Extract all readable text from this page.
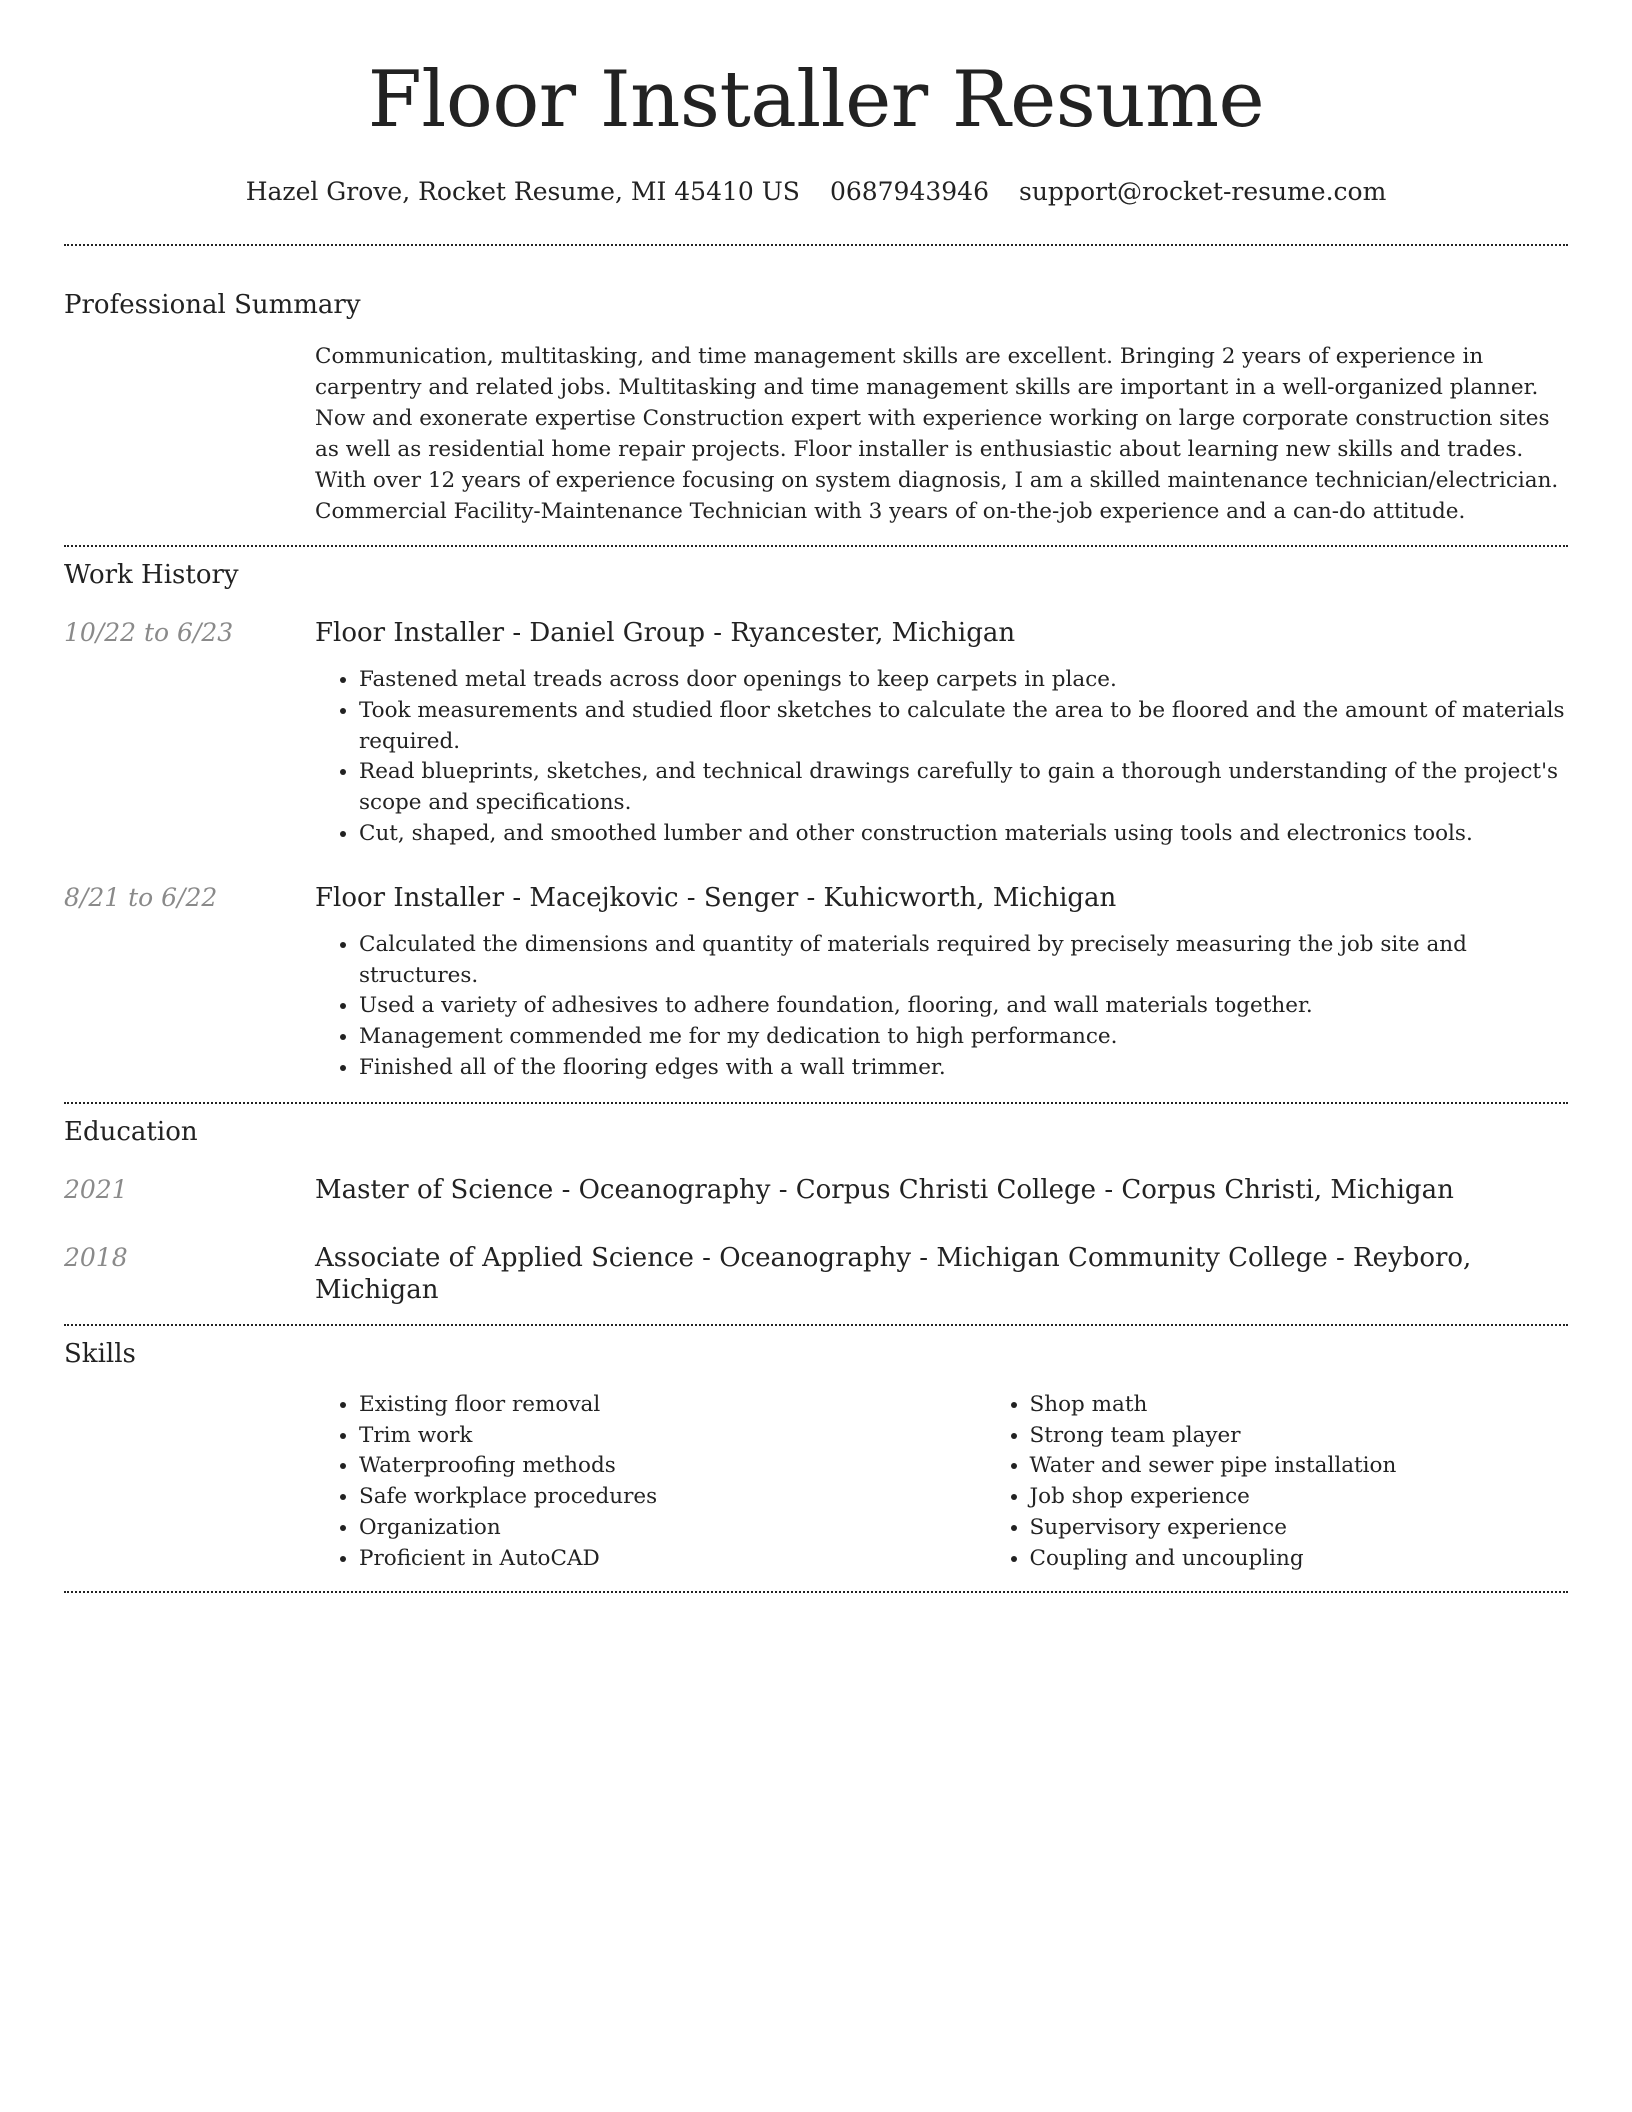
Floor Installer Resume
Hazel Grove, Rocket Resume, MI 45410 US 0687943946 support@rocket-resume.com
Professional Summary
Communication, multitasking, and time management skills are excellent. Bringing 2 years of experience in carpentry and related jobs. Multitasking and time management skills are important in a well-organized planner. Now and exonerate expertise Construction expert with experience working on large corporate construction sites as well as residential home repair projects. Floor installer is enthusiastic about learning new skills and trades. With over 12 years of experience focusing on system diagnosis, I am a skilled maintenance technician/electrician. Commercial Facility-Maintenance Technician with 3 years of on-the-job experience and a can-do attitude.
Work History
10/22 to 6/23	Floor Installer - Daniel Group - Ryancester, Michigan
• Fastened metal treads across door openings to keep carpets in place.
• Took measurements and studied floor sketches to calculate the area to be floored and the amount of materials required.
• Read blueprints, sketches, and technical drawings carefully to gain a thorough understanding of the project's scope and specifications.
• Cut, shaped, and smoothed lumber and other construction materials using tools and electronics tools.
8/21 to 6/22	Floor Installer - Macejkovic - Senger - Kuhicworth, Michigan
• Calculated the dimensions and quantity of materials required by precisely measuring the job site and structures.
• Used a variety of adhesives to adhere foundation, flooring, and wall materials together.
• Management commended me for my dedication to high performance.
• Finished all of the flooring edges with a wall trimmer.
Education
2021	Master of Science - Oceanography - Corpus Christi College - Corpus Christi, Michigan
2018	Associate of Applied Science - Oceanography - Michigan Community College - Reyboro, Michigan
Skills
• Existing floor removal
• Trim work
• Waterproofing methods
• Safe workplace procedures
• Organization
• Proficient in AutoCAD
• Shop math
• Strong team player
• Water and sewer pipe installation
• Job shop experience
• Supervisory experience
• Coupling and uncoupling
